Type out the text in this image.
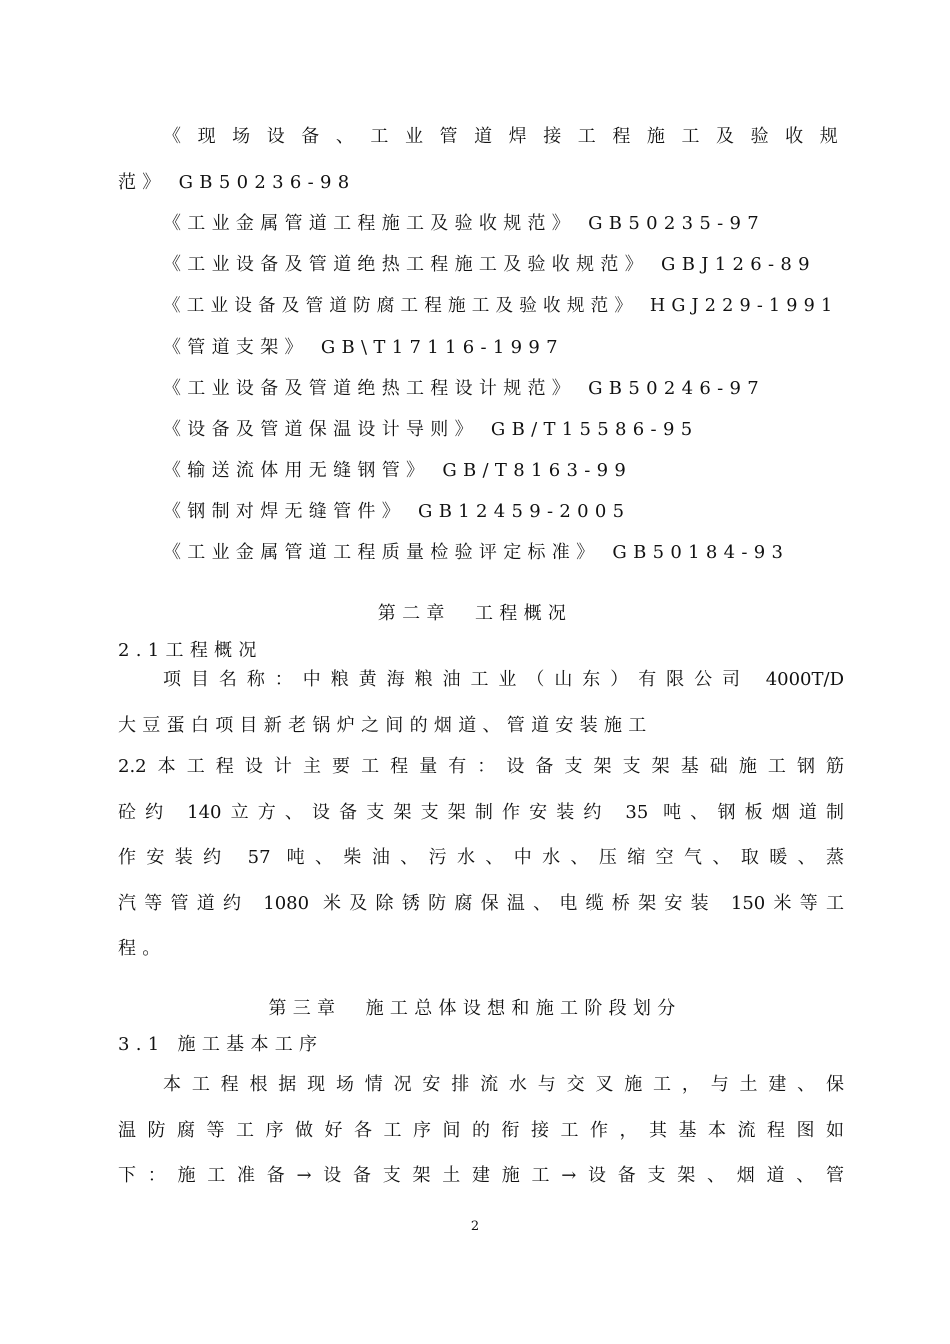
《现场设备、工业管道焊接工程施工及验收规
范》 GB50236-98
《工业金属管道工程施工及验收规范》 GB50235-97
《工业设备及管道绝热工程施工及验收规范》 GBJ126-89
《工业设备及管道防腐工程施工及验收规范》 HGJ229-1991
《管道支架》 GB\T17116-1997
《工业设备及管道绝热工程设计规范》 GB50246-97
《设备及管道保温设计导则》 GB/T15586-95
《输送流体用无缝钢管》 GB/T8163-99
《钢制对焊无缝管件》 GB12459-2005
《工业金属管道工程质量检验评定标准》 GB50184-93
第二章　工程概况
2.1工程概况
项目名称：中粮黄海粮油工业（山东）有限公司 4000T/D
大豆蛋白项目新老锅炉之间的烟道、管道安装施工
2.2本工程设计主要工程量有：设备支架支架基础施工钢筋
砼约 140立方、设备支架支架制作安装约 35 吨、钢板烟道制
作安装约 57 吨、柴油、污水、中水、压缩空气、取暖、蒸
汽等管道约 1080 米及除锈防腐保温、电缆桥架安装 150米等工
程。
第三章　施工总体设想和施工阶段划分
3.1 施工基本工序
本工程根据现场情况安排流水与交叉施工，与土建、保
温防腐等工序做好各工序间的衔接工作，其基本流程图如
下：施工准备→设备支架土建施工→设备支架、烟道、管
2
